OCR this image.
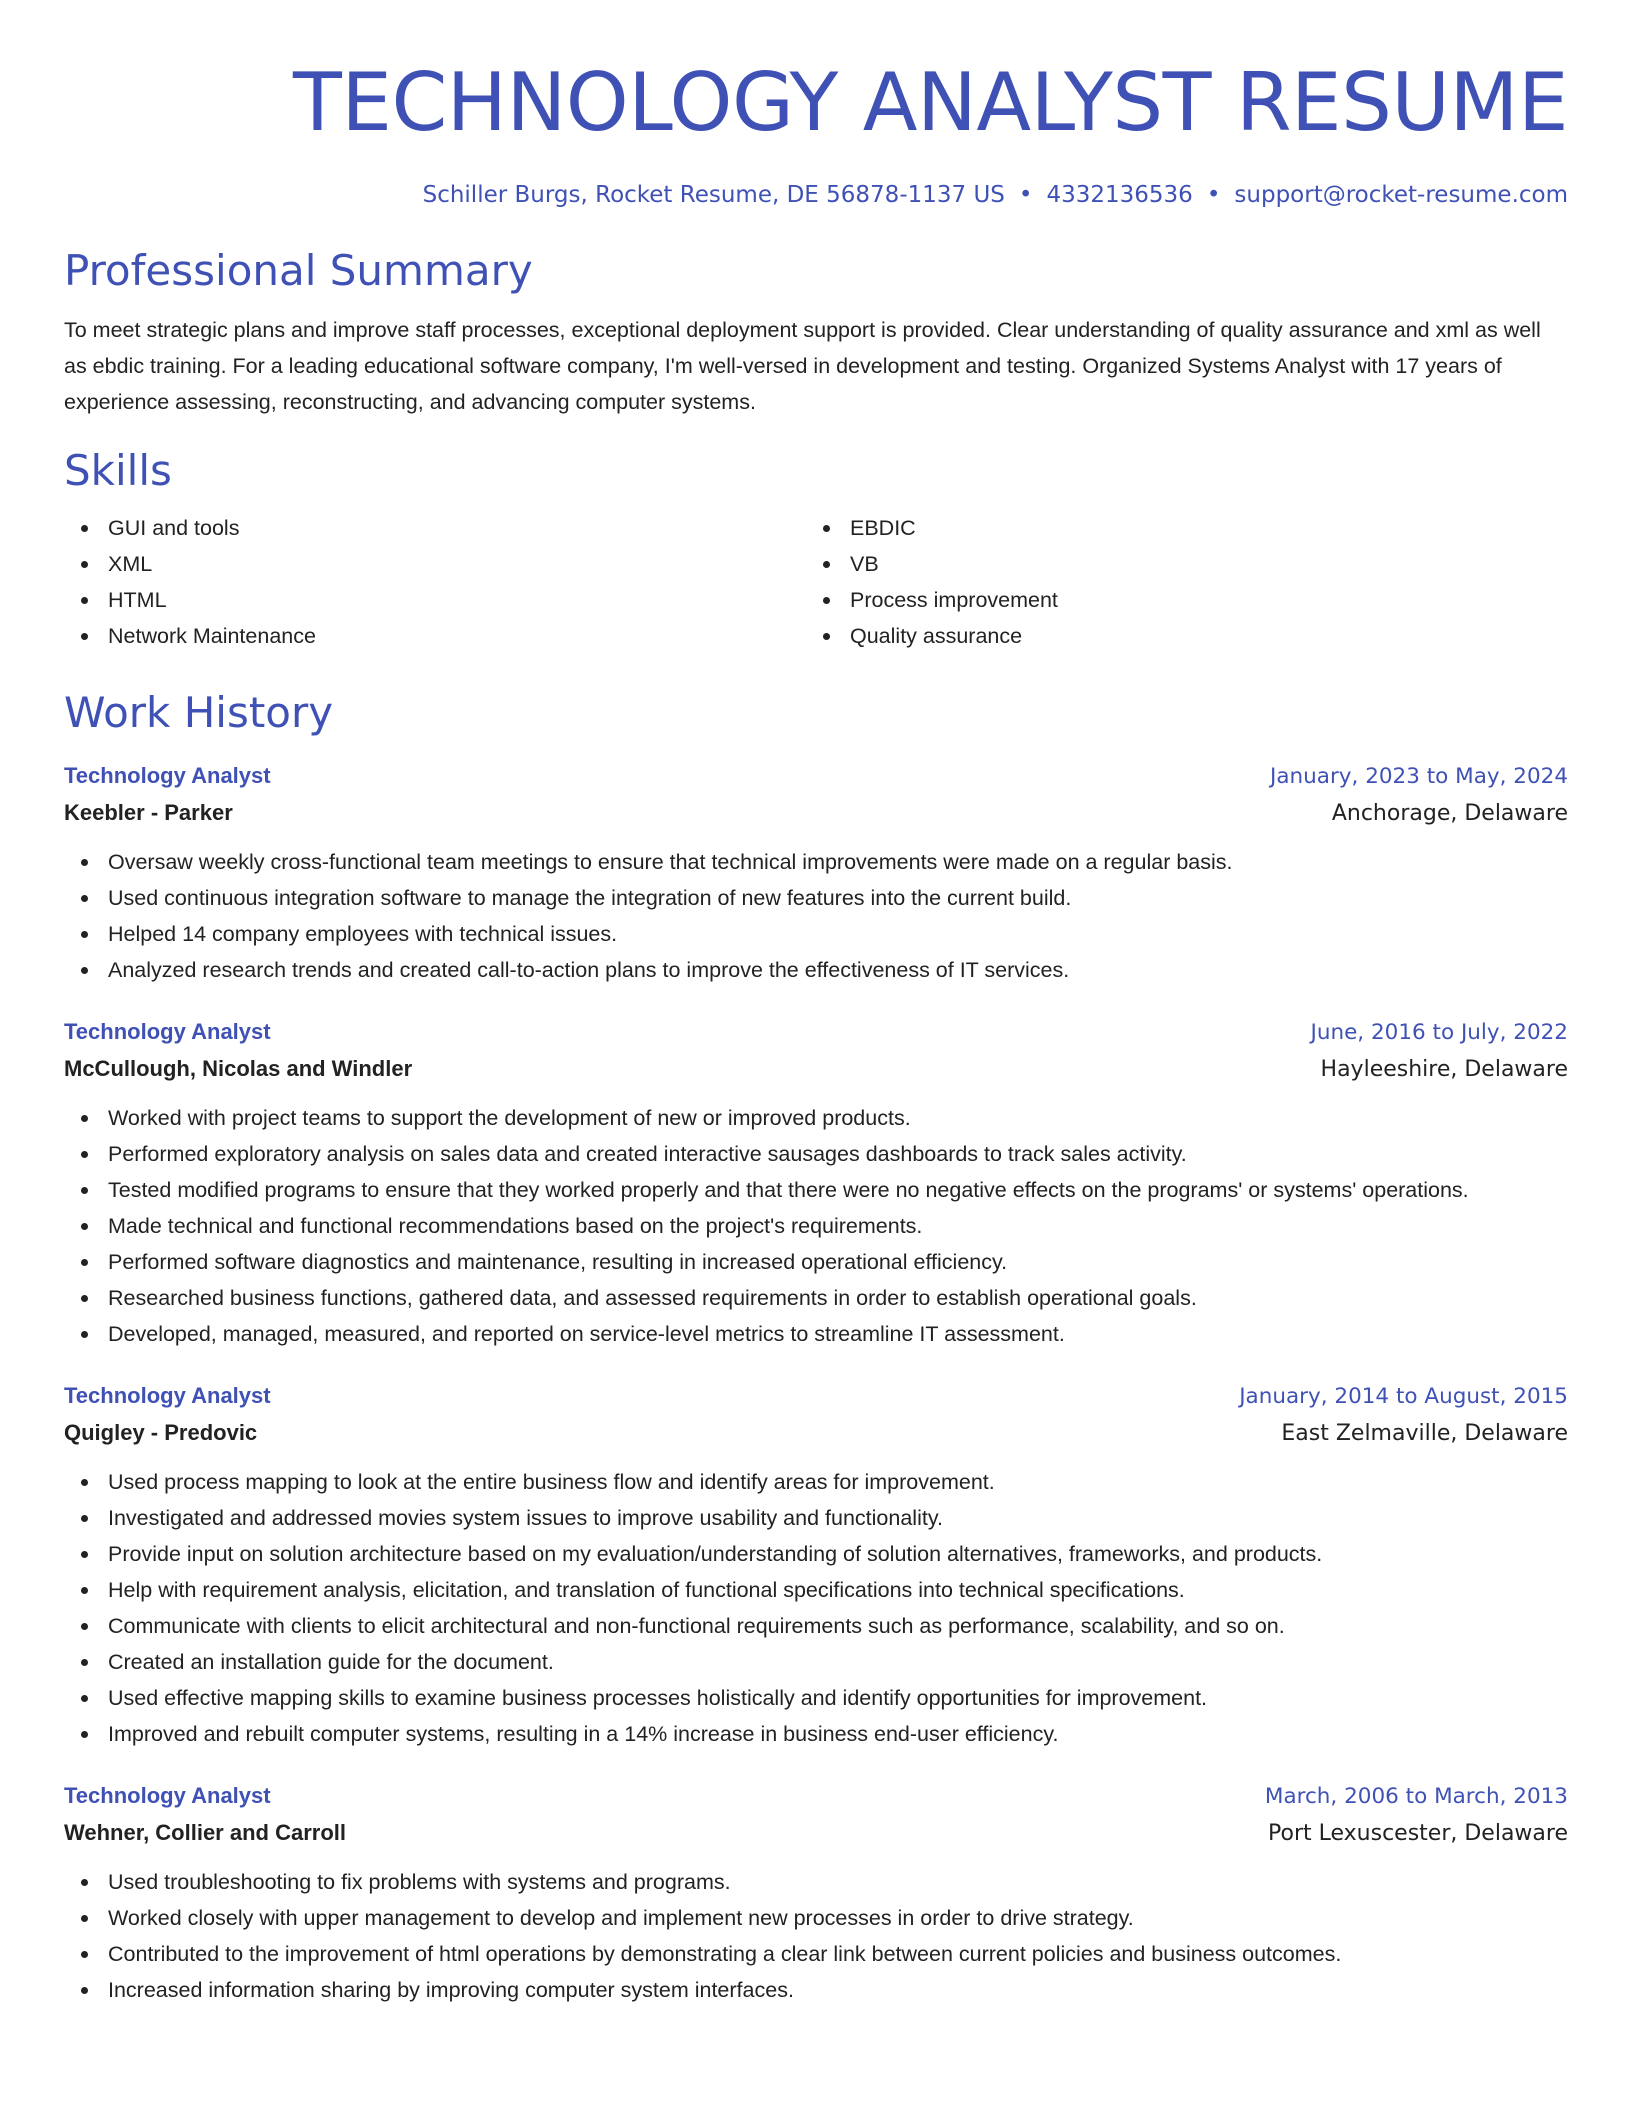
TECHNOLOGY ANALYST RESUME
Schiller Burgs, Rocket Resume, DE 56878-1137 US • 4332136536 • support@rocket-resume.com
Professional Summary

To meet strategic plans and improve staff processes, exceptional deployment support is provided. Clear understanding of quality assurance and xml as well as ebdic training. For a leading educational software company, I'm well-versed in development and testing. Organized Systems Analyst with 17 years of experience assessing, reconstructing, and advancing computer systems.

Skills
GUI and tools
XML
HTML
Network Maintenance
EBDIC
VB
Process improvement
Quality assurance
Work History
Technology Analyst	January, 2023 to May, 2024
Keebler - Parker	Anchorage, Delaware
Oversaw weekly cross-functional team meetings to ensure that technical improvements were made on a regular basis.
Used continuous integration software to manage the integration of new features into the current build.
Helped 14 company employees with technical issues.
Analyzed research trends and created call-to-action plans to improve the effectiveness of IT services.
Technology Analyst	June, 2016 to July, 2022
McCullough, Nicolas and Windler	Hayleeshire, Delaware
Worked with project teams to support the development of new or improved products.
Performed exploratory analysis on sales data and created interactive sausages dashboards to track sales activity.
Tested modified programs to ensure that they worked properly and that there were no negative effects on the programs' or systems' operations.
Made technical and functional recommendations based on the project's requirements.
Performed software diagnostics and maintenance, resulting in increased operational efficiency.
Researched business functions, gathered data, and assessed requirements in order to establish operational goals.
Developed, managed, measured, and reported on service-level metrics to streamline IT assessment.
Technology Analyst	January, 2014 to August, 2015
Quigley - Predovic	East Zelmaville, Delaware
Used process mapping to look at the entire business flow and identify areas for improvement.
Investigated and addressed movies system issues to improve usability and functionality.
Provide input on solution architecture based on my evaluation/understanding of solution alternatives, frameworks, and products.
Help with requirement analysis, elicitation, and translation of functional specifications into technical specifications.
Communicate with clients to elicit architectural and non-functional requirements such as performance, scalability, and so on.
Created an installation guide for the document.
Used effective mapping skills to examine business processes holistically and identify opportunities for improvement.
Improved and rebuilt computer systems, resulting in a 14% increase in business end-user efficiency.
Technology Analyst	March, 2006 to March, 2013
Wehner, Collier and Carroll	Port Lexuscester, Delaware
Used troubleshooting to fix problems with systems and programs.
Worked closely with upper management to develop and implement new processes in order to drive strategy.
Contributed to the improvement of html operations by demonstrating a clear link between current policies and business outcomes.
Increased information sharing by improving computer system interfaces.
